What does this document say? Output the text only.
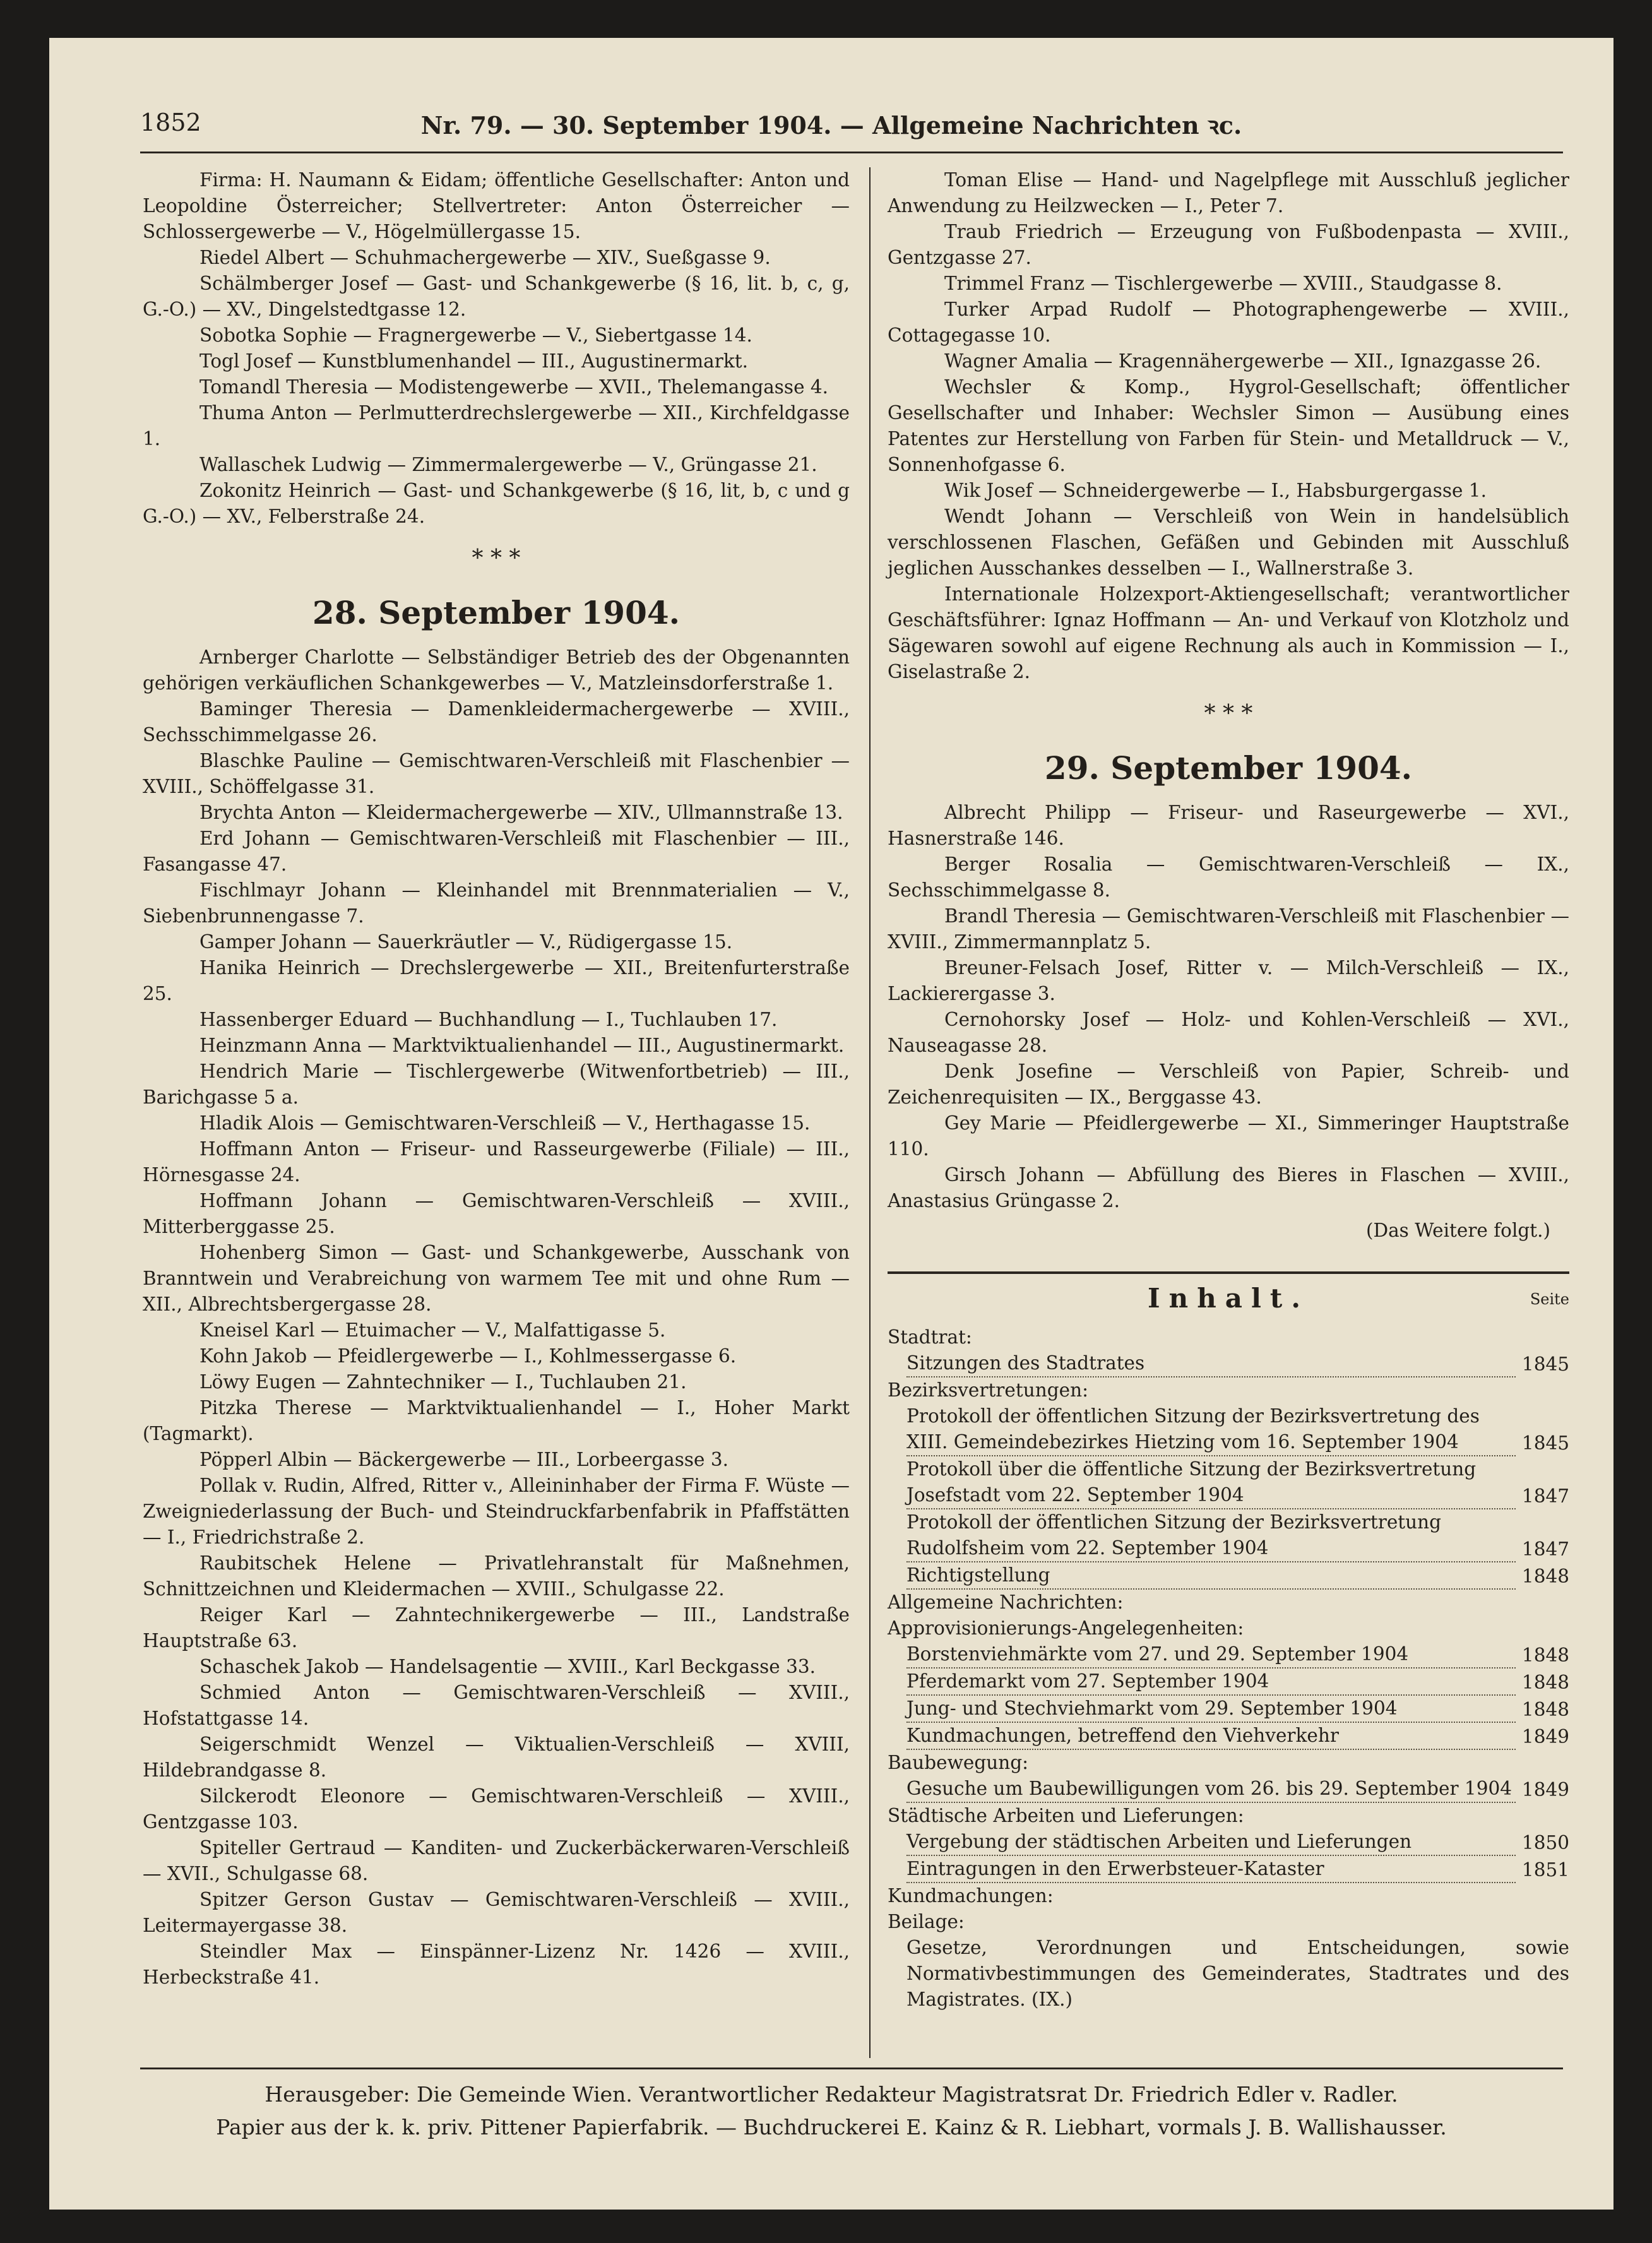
1852	Nr. 79. — 30. September 1904. — Allgemeine Nachrichten ꝛc.

Firma: H. Naumann & Eidam; öffentliche Gesellschafter: Anton und Leopoldine Österreicher; Stellvertreter: Anton Österreicher — Schlossergewerbe — V., Högelmüllergasse 15.

Riedel Albert — Schuhmachergewerbe — XIV., Sueßgasse 9.

Schälmberger Josef — Gast- und Schankgewerbe (§ 16, lit. b, c, g, G.-O.) — XV., Dingelstedtgasse 12.

Sobotka Sophie — Fragnergewerbe — V., Siebertgasse 14.

Togl Josef — Kunstblumenhandel — III., Augustinermarkt.

Tomandl Theresia — Modistengewerbe — XVII., Thelemangasse 4.

Thuma Anton — Perlmutterdrechslergewerbe — XII., Kirchfeldgasse 1.

Wallaschek Ludwig — Zimmermalergewerbe — V., Grüngasse 21.

Zokonitz Heinrich — Gast- und Schankgewerbe (§ 16, lit, b, c und g G.-O.) — XV., Felberstraße 24.

* * *
28. September 1904.

Arnberger Charlotte — Selbständiger Betrieb des der Obgenannten gehörigen verkäuflichen Schankgewerbes — V., Matzleinsdorferstraße 1.

Baminger Theresia — Damenkleidermachergewerbe — XVIII., Sechsschimmelgasse 26.

Blaschke Pauline — Gemischtwaren-Verschleiß mit Flaschenbier — XVIII., Schöffelgasse 31.

Brychta Anton — Kleidermachergewerbe — XIV., Ullmannstraße 13.

Erd Johann — Gemischtwaren-Verschleiß mit Flaschenbier — III., Fasangasse 47.

Fischlmayr Johann — Kleinhandel mit Brennmaterialien — V., Siebenbrunnengasse 7.

Gamper Johann — Sauerkräutler — V., Rüdigergasse 15.

Hanika Heinrich — Drechslergewerbe — XII., Breitenfurterstraße 25.

Hassenberger Eduard — Buchhandlung — I., Tuchlauben 17.

Heinzmann Anna — Marktviktualienhandel — III., Augustinermarkt.

Hendrich Marie — Tischlergewerbe (Witwenfortbetrieb) — III., Barichgasse 5 a.

Hladik Alois — Gemischtwaren-Verschleiß — V., Herthagasse 15.

Hoffmann Anton — Friseur- und Rasseurgewerbe (Filiale) — III., Hörnesgasse 24.

Hoffmann Johann — Gemischtwaren-Verschleiß — XVIII., Mitterberggasse 25.

Hohenberg Simon — Gast- und Schankgewerbe, Ausschank von Branntwein und Verabreichung von warmem Tee mit und ohne Rum — XII., Albrechtsbergergasse 28.

Kneisel Karl — Etuimacher — V., Malfattigasse 5.

Kohn Jakob — Pfeidlergewerbe — I., Kohlmessergasse 6.

Löwy Eugen — Zahntechniker — I., Tuchlauben 21.

Pitzka Therese — Marktviktualienhandel — I., Hoher Markt (Tagmarkt).

Pöpperl Albin — Bäckergewerbe — III., Lorbeergasse 3.

Pollak v. Rudin, Alfred, Ritter v., Alleininhaber der Firma F. Wüste — Zweigniederlassung der Buch- und Steindruckfarbenfabrik in Pfaffstätten — I., Friedrichstraße 2.

Raubitschek Helene — Privatlehranstalt für Maßnehmen, Schnittzeichnen und Kleidermachen — XVIII., Schulgasse 22.

Reiger Karl — Zahntechnikergewerbe — III., Landstraße Hauptstraße 63.

Schaschek Jakob — Handelsagentie — XVIII., Karl Beckgasse 33.

Schmied Anton — Gemischtwaren-Verschleiß — XVIII., Hofstattgasse 14.

Seigerschmidt Wenzel — Viktualien-Verschleiß — XVIII, Hildebrandgasse 8.

Silckerodt Eleonore — Gemischtwaren-Verschleiß — XVIII., Gentzgasse 103.

Spiteller Gertraud — Kanditen- und Zuckerbäckerwaren-Verschleiß — XVII., Schulgasse 68.

Spitzer Gerson Gustav — Gemischtwaren-Verschleiß — XVIII., Leitermayergasse 38.

Steindler Max — Einspänner-Lizenz Nr. 1426 — XVIII., Herbeckstraße 41.

Toman Elise — Hand- und Nagelpflege mit Ausschluß jeglicher Anwendung zu Heilzwecken — I., Peter 7.

Traub Friedrich — Erzeugung von Fußbodenpasta — XVIII., Gentzgasse 27.

Trimmel Franz — Tischlergewerbe — XVIII., Staudgasse 8.

Turker Arpad Rudolf — Photographengewerbe — XVIII., Cottagegasse 10.

Wagner Amalia — Kragennähergewerbe — XII., Ignazgasse 26.

Wechsler & Komp., Hygrol-Gesellschaft; öffentlicher Gesellschafter und Inhaber: Wechsler Simon — Ausübung eines Patentes zur Herstellung von Farben für Stein- und Metalldruck — V., Sonnenhofgasse 6.

Wik Josef — Schneidergewerbe — I., Habsburgergasse 1.

Wendt Johann — Verschleiß von Wein in handelsüblich verschlossenen Flaschen, Gefäßen und Gebinden mit Ausschluß jeglichen Ausschankes desselben — I., Wallnerstraße 3.

Internationale Holzexport-Aktiengesellschaft; verantwortlicher Geschäftsführer: Ignaz Hoffmann — An- und Verkauf von Klotzholz und Sägewaren sowohl auf eigene Rechnung als auch in Kommission — I., Giselastraße 2.

* * *
29. September 1904.

Albrecht Philipp — Friseur- und Raseurgewerbe — XVI., Hasnerstraße 146.

Berger Rosalia — Gemischtwaren-Verschleiß — IX., Sechsschimmelgasse 8.

Brandl Theresia — Gemischtwaren-Verschleiß mit Flaschenbier — XVIII., Zimmermannplatz 5.

Breuner-Felsach Josef, Ritter v. — Milch-Verschleiß — IX., Lackierergasse 3.

Cernohorsky Josef — Holz- und Kohlen-Verschleiß — XVI., Nauseagasse 28.

Denk Josefine — Verschleiß von Papier, Schreib- und Zeichenrequisiten — IX., Berggasse 43.

Gey Marie — Pfeidlergewerbe — XI., Simmeringer Hauptstraße 110.

Girsch Johann — Abfüllung des Bieres in Flaschen — XVIII., Anastasius Grüngasse 2.

(Das Weitere folgt.)
Inhalt.	Seite

Stadtrat:

Sitzungen des Stadtrates	1845

Bezirksvertretungen:

Protokoll der öffentlichen Sitzung der Bezirksvertretung des XIII. Gemeindebezirkes Hietzing vom 16. September 1904	1845
Protokoll über die öffentliche Sitzung der Bezirksvertretung Josefstadt vom 22. September 1904	1847
Protokoll der öffentlichen Sitzung der Bezirksvertretung Rudolfsheim vom 22. September 1904	1847
Richtigstellung	1848

Allgemeine Nachrichten:

Approvisionierungs-Angelegenheiten:

Borstenviehmärkte vom 27. und 29. September 1904	1848
Pferdemarkt vom 27. September 1904	1848
Jung- und Stechviehmarkt vom 29. September 1904	1848
Kundmachungen, betreffend den Viehverkehr	1849

Baubewegung:

Gesuche um Baubewilligungen vom 26. bis 29. September 1904 1849

Städtische Arbeiten und Lieferungen:

Vergebung der städtischen Arbeiten und Lieferungen	1850
Eintragungen in den Erwerbsteuer-Kataster	1851

Kundmachungen:

Beilage:

Gesetze, Verordnungen und Entscheidungen, sowie Normativbestimmungen des Gemeinderates, Stadtrates und des Magistrates. (IX.)
Herausgeber: Die Gemeinde Wien. Verantwortlicher Redakteur Magistratsrat Dr. Friedrich Edler v. Radler.
Papier aus der k. k. priv. Pittener Papierfabrik. — Buchdruckerei E. Kainz & R. Liebhart, vormals J. B. Wallishausser.
